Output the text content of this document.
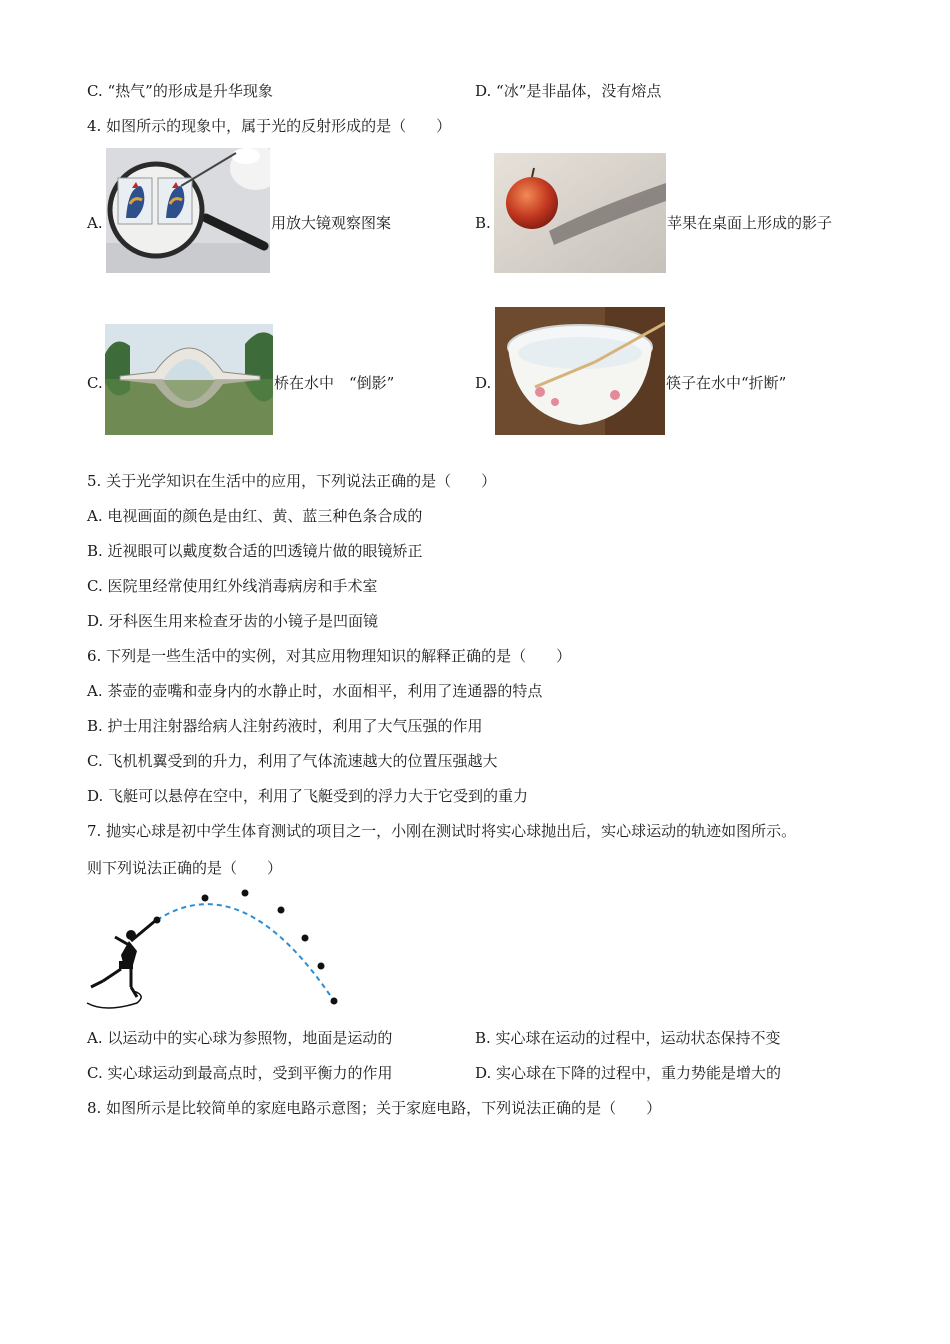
C. “热气”的形成是升华现象	D. “冰”是非晶体，没有熔点
4. 如图所示的现象中，属于光的反射形成的是（　　）
A.	用放大镜观察图案	B.	苹果在桌面上形成的影子
C.	桥在水中　“倒影”	D.	筷子在水中“折断”
5. 关于光学知识在生活中的应用，下列说法正确的是（　　）
A. 电视画面的颜色是由红、黄、蓝三种色条合成的
B. 近视眼可以戴度数合适的凹透镜片做的眼镜矫正
C. 医院里经常使用红外线消毒病房和手术室
D. 牙科医生用来检查牙齿的小镜子是凹面镜
6. 下列是一些生活中的实例，对其应用物理知识的解释正确的是（　　）
A. 茶壶的壶嘴和壶身内的水静止时，水面相平，利用了连通器的特点
B. 护士用注射器给病人注射药液时，利用了大气压强的作用
C. 飞机机翼受到的升力，利用了气体流速越大的位置压强越大
D. 飞艇可以悬停在空中，利用了飞艇受到的浮力大于它受到的重力
7. 抛实心球是初中学生体育测试的项目之一，小刚在测试时将实心球抛出后，实心球运动的轨迹如图所示。
则下列说法正确的是（　　）
A. 以运动中的实心球为参照物，地面是运动的	B. 实心球在运动的过程中，运动状态保持不变
C. 实心球运动到最高点时，受到平衡力的作用	D. 实心球在下降的过程中，重力势能是增大的
8. 如图所示是比较简单的家庭电路示意图；关于家庭电路，下列说法正确的是（　　）
